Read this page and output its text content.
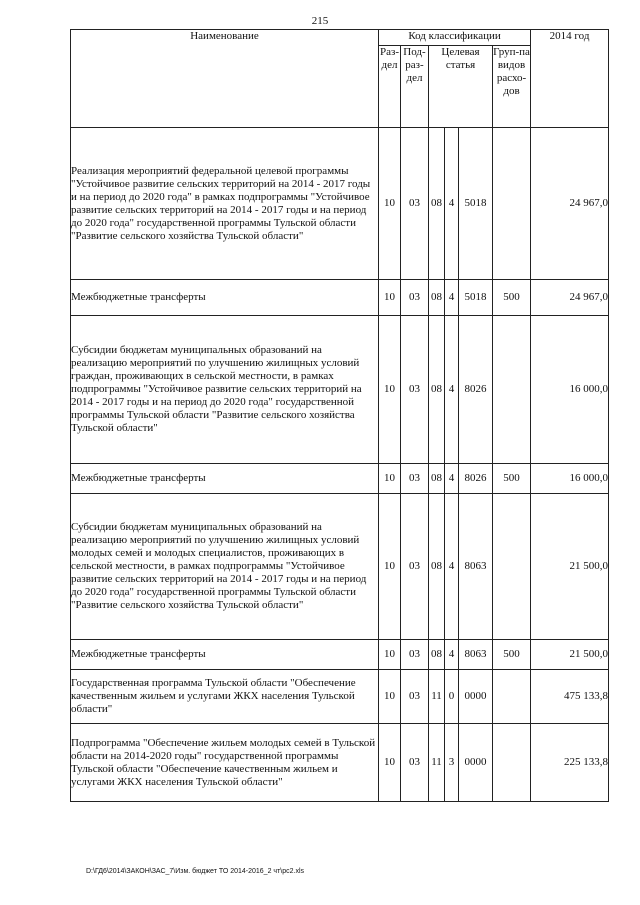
215
Наименование	Код классификации						2014 год
	Раз-дел	Под-раз-дел	Целевая статья			Груп-па видов расхо-дов	
Реализация мероприятий федеральной целевой программы "Устойчивое развитие сельских территорий на 2014 - 2017 годы и на период до 2020 года" в рамках подпрограммы "Устойчивое развитие сельских территорий на 2014 - 2017 годы и на период до 2020 года" государственной программы Тульской области "Развитие сельского хозяйства Тульской области"	10	03	08	4	5018		24 967,0
Межбюджетные трансферты	10	03	08	4	5018	500	24 967,0
Субсидии бюджетам муниципальных образований на реализацию мероприятий по улучшению жилищных условий граждан, проживающих в сельской местности, в рамках подпрограммы "Устойчивое развитие сельских территорий на 2014 - 2017 годы и на период до 2020 года" государственной программы Тульской области "Развитие сельского хозяйства Тульской области"	10	03	08	4	8026		16 000,0
Межбюджетные трансферты	10	03	08	4	8026	500	16 000,0
Субсидии бюджетам муниципальных образований на реализацию мероприятий по улучшению жилищных условий молодых семей и молодых специалистов, проживающих в сельской местности, в рамках подпрограммы "Устойчивое развитие сельских территорий на 2014 - 2017 годы и на период до 2020 года" государственной программы Тульской области "Развитие сельского хозяйства Тульской области"	10	03	08	4	8063		21 500,0
Межбюджетные трансферты	10	03	08	4	8063	500	21 500,0
Государственная программа Тульской области "Обеспечение качественным жильем и услугами ЖКХ населения Тульской области"	10	03	11	0	0000		475 133,8
Подпрограмма "Обеспечение жильем молодых семей в Тульской области на 2014-2020 годы" государственной программы Тульской области "Обеспечение качественным жильем и услугами ЖКХ населения Тульской области"	10	03	11	3	0000		225 133,8
D:\ГД6\2014\ЗАКОН\ЗАС_7\Изм. бюджет ТО 2014-2016_2 чт\рс2.xls
